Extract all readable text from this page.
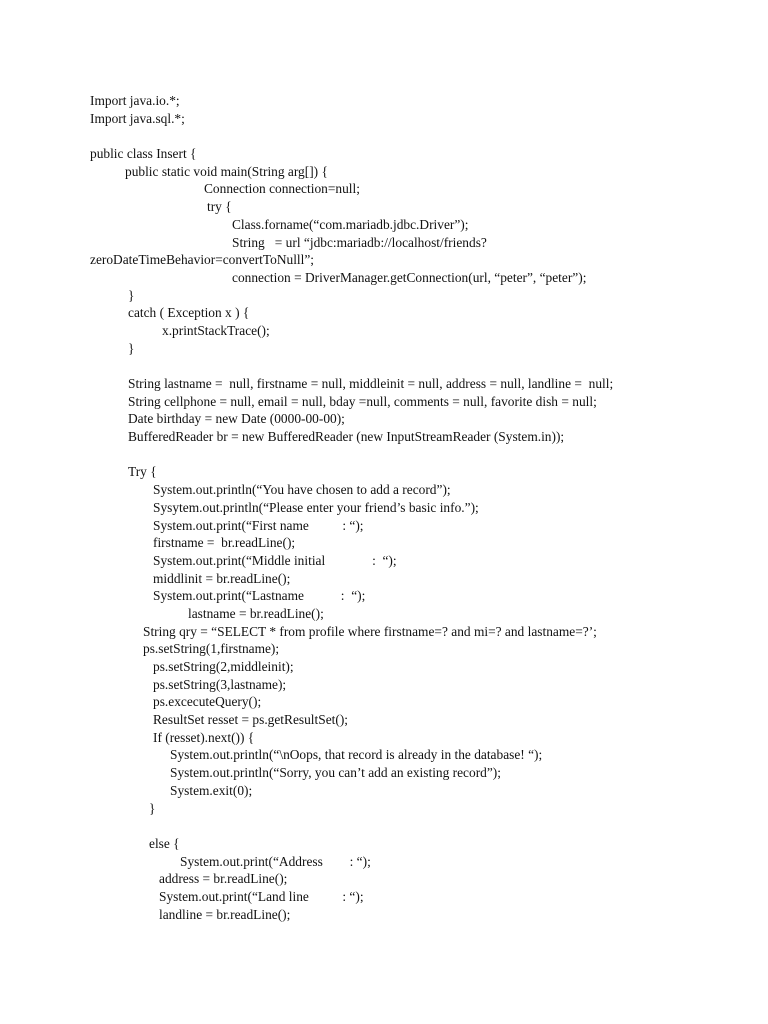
Import java.io.*;
Import java.sql.*;
public class Insert {
public static void main(String arg[]) {
Connection connection=null;
try {
Class.forname(“com.mariadb.jdbc.Driver”);
String   = url “jdbc:mariadb://localhost/friends?
zeroDateTimeBehavior=convertToNulll”;
connection = DriverManager.getConnection(url, “peter”, “peter”);
}
catch ( Exception x ) {
x.printStackTrace();
}
String lastname =  null, firstname = null, middleinit = null, address = null, landline =  null;
String cellphone = null, email = null, bday =null, comments = null, favorite dish = null;
Date birthday = new Date (0000-00-00);
BufferedReader br = new BufferedReader (new InputStreamReader (System.in));
Try {
System.out.println(“You have chosen to add a record”);
Sysytem.out.println(“Please enter your friend’s basic info.”);
System.out.print(“First name          : “);
firstname =  br.readLine();
System.out.print(“Middle initial              :  “);
middlinit = br.readLine();
System.out.print(“Lastname           :  “);
lastname = br.readLine();
String qry = “SELECT * from profile where firstname=? and mi=? and lastname=?’;
ps.setString(1,firstname);
ps.setString(2,middleinit);
ps.setString(3,lastname);
ps.excecuteQuery();
ResultSet resset = ps.getResultSet();
If (resset).next()) {
System.out.println(“\nOops, that record is already in the database! “);
System.out.println(“Sorry, you can’t add an existing record”);
System.exit(0);
}
else {
System.out.print(“Address        : “);
address = br.readLine();
System.out.print(“Land line          : “);
landline = br.readLine();
